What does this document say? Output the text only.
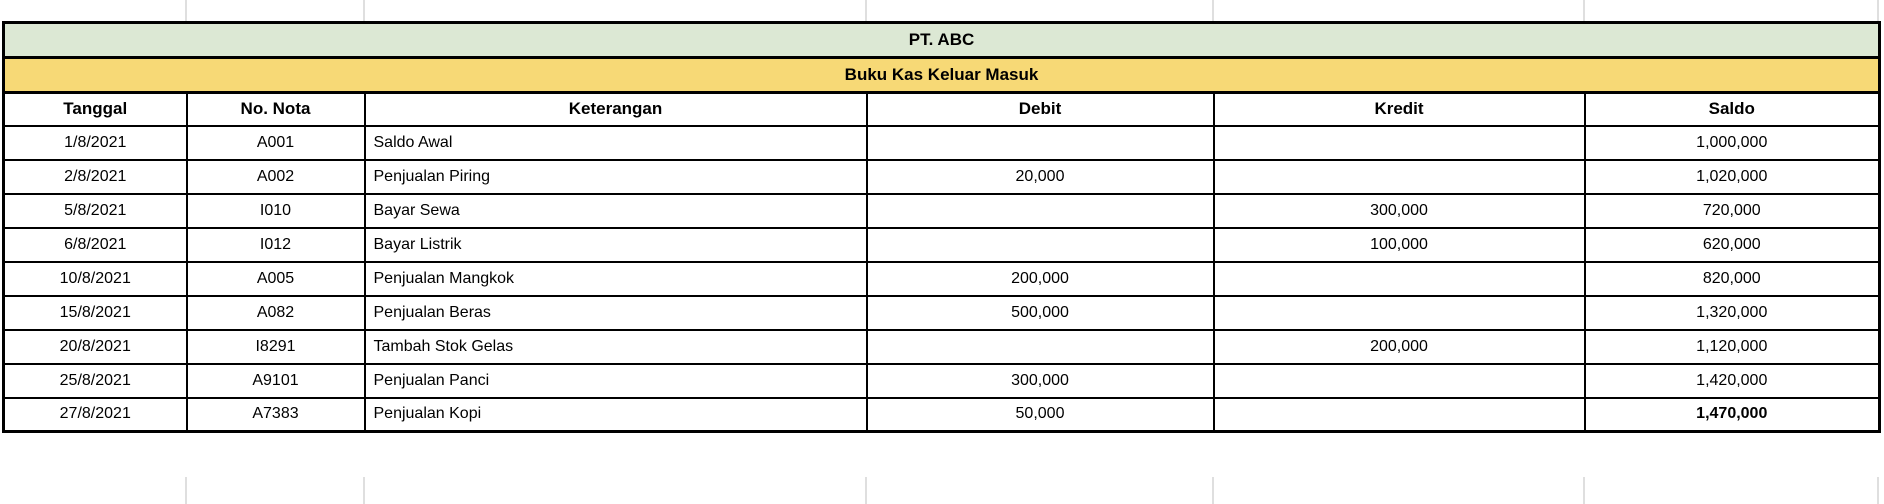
PT. ABC					
Buku Kas Keluar Masuk					
Tanggal	No. Nota	Keterangan	Debit	Kredit	Saldo
1/8/2021	A001	Saldo Awal			1,000,000
2/8/2021	A002	Penjualan Piring	20,000		1,020,000
5/8/2021	I010	Bayar Sewa		300,000	720,000
6/8/2021	I012	Bayar Listrik		100,000	620,000
10/8/2021	A005	Penjualan Mangkok	200,000		820,000
15/8/2021	A082	Penjualan Beras	500,000		1,320,000
20/8/2021	I8291	Tambah Stok Gelas		200,000	1,120,000
25/8/2021	A9101	Penjualan Panci	300,000		1,420,000
27/8/2021	A7383	Penjualan Kopi	50,000		1,470,000
